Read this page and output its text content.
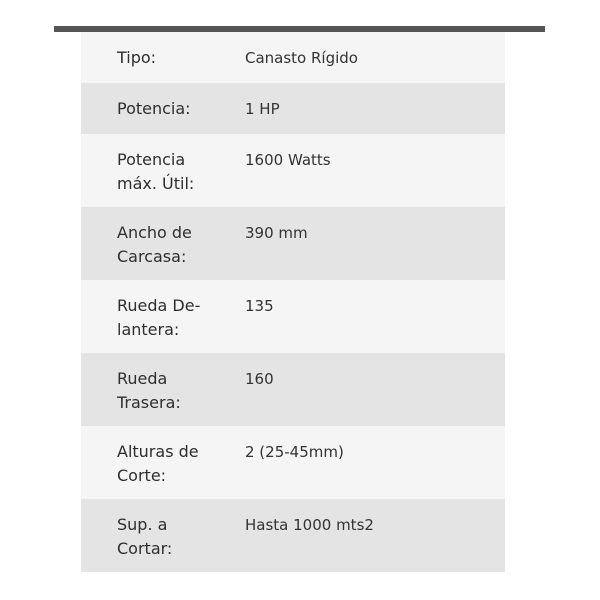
Tipo:	Canasto Rígido

Potencia:	1 HP

Potencia máx. Útil:	1600 Watts

Ancho de Carcasa:	390 mm

Rueda De-lantera:	135

Rueda Trasera:	160

Alturas de Corte:	2 (25-45mm)

Sup. a Cortar:	Hasta 1000 mts2
